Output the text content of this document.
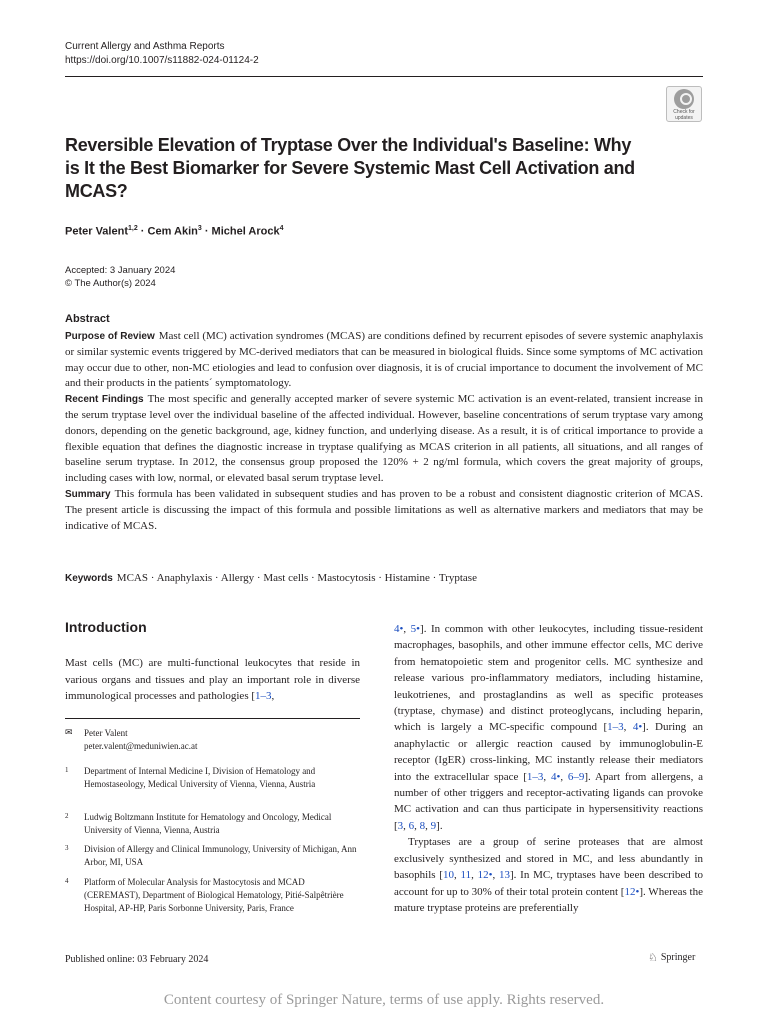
Current Allergy and Asthma Reports
https://doi.org/10.1007/s11882-024-01124-2
Check for updates
Reversible Elevation of Tryptase Over the Individual's Baseline: Why is It the Best Biomarker for Severe Systemic Mast Cell Activation and MCAS?
Peter Valent$^{1,2}$ · Cem Akin$^3$ · Michel Arock$^4$
Accepted: 3 January 2024
© The Author(s) 2024
Abstract

Purpose of Review Mast cell (MC) activation syndromes (MCAS) are conditions defined by recurrent episodes of severe systemic anaphylaxis or similar systemic events triggered by MC-derived mediators that can be measured in biological fluids. Since some symptoms of MC activation may occur due to other, non-MC etiologies and lead to confusion over diagnosis, it is of crucial importance to document the involvement of MC and their products in the patients´ symptomatology.

Recent Findings The most specific and generally accepted marker of severe systemic MC activation is an event-related, transient increase in the serum tryptase level over the individual baseline of the affected individual. However, baseline concentrations of serum tryptase vary among donors, depending on the genetic background, age, kidney function, and underlying disease. As a result, it is of critical importance to provide a flexible equation that defines the diagnostic increase in tryptase qualifying as MCAS criterion in all patients, all situations, and all ranges of baseline serum tryptase. In 2012, the consensus group proposed the 120% + 2 ng/ml formula, which covers the great majority of groups, including cases with low, normal, or elevated basal serum tryptase level.

Summary This formula has been validated in subsequent studies and has proven to be a robust and consistent diagnostic criterion of MCAS. The present article is discussing the impact of this formula and possible limitations as well as alternative markers and mediators that may be indicative of MCAS.

Keywords MCAS · Anaphylaxis · Allergy · Mast cells · Mastocytosis · Histamine · Tryptase
Introduction
Mast cells (MC) are multi-functional leukocytes that reside in various organs and tissues and play an important role in diverse immunological processes and pathologies [1–3,
✉ Peter Valent
peter.valent@meduniwien.ac.at
1 Department of Internal Medicine I, Division of Hematology and Hemostaseology, Medical University of Vienna, Vienna, Austria
2 Ludwig Boltzmann Institute for Hematology and Oncology, Medical University of Vienna, Vienna, Austria
3 Division of Allergy and Clinical Immunology, University of Michigan, Ann Arbor, MI, USA
4 Platform of Molecular Analysis for Mastocytosis and MCAD (CEREMAST), Department of Biological Hematology, Pitié-Salpêtrière Hospital, AP-HP, Paris Sorbonne University, Paris, France

4•, 5•]. In common with other leukocytes, including tissue-resident macrophages, basophils, and other immune effector cells, MC derive from hematopoietic stem and progenitor cells. MC synthesize and release various pro-inflammatory mediators, including histamine, leukotrienes, and prostaglandins as well as specific proteases (tryptase, chymase) and distinct proteoglycans, including heparin, which is largely a MC-specific compound [1–3, 4•]. During an anaphylactic or allergic reaction caused by immunoglobulin-E receptor (IgER) cross-linking, MC instantly release their mediators into the extracellular space [1–3, 4•, 6–9]. Apart from allergens, a number of other triggers and receptor-activating ligands can provoke MC activation and can thus participate in hypersensitivity reactions [3, 6, 8, 9].

Tryptases are a group of serine proteases that are almost exclusively synthesized and stored in MC, and less abundantly in basophils [10, 11, 12•, 13]. In MC, tryptases have been described to account for up to 30% of their total protein content [12•]. Whereas the mature tryptase proteins are preferentially

Published online: 03 February 2024	♘ Springer
Content courtesy of Springer Nature, terms of use apply. Rights reserved.
